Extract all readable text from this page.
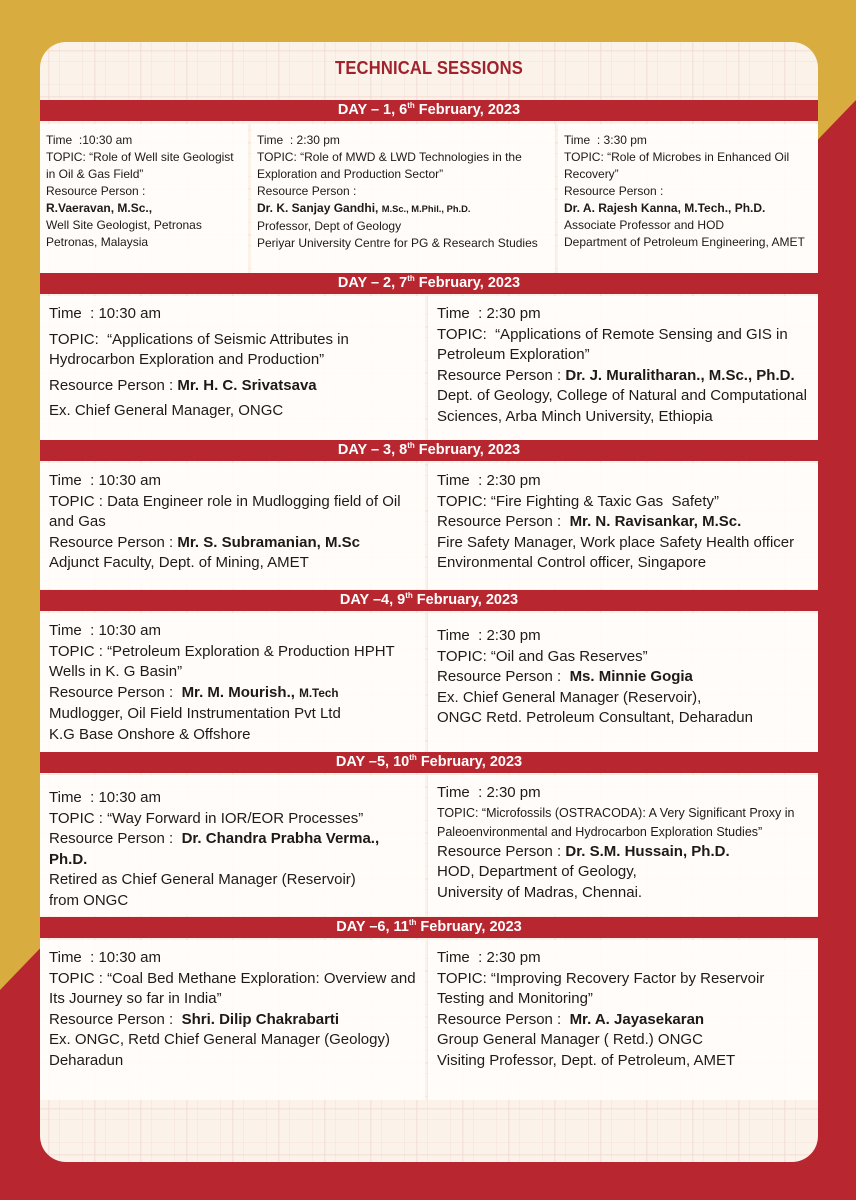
TECHNICAL SESSIONS
DAY – 1, 6th February, 2023
Time  :10:30 am
TOPIC: “Role of Well site Geologist in Oil & Gas Field”
Resource Person :
R.Vaeravan, M.Sc.,
Well Site Geologist, Petronas
Petronas, Malaysia
Time  : 2:30 pm
TOPIC: “Role of MWD & LWD Technologies in the Exploration and Production Sector”
Resource Person :
Dr. K. Sanjay Gandhi, M.Sc., M.Phil., Ph.D.
Professor, Dept of Geology
Periyar University Centre for PG & Research Studies
Time  : 3:30 pm
TOPIC: “Role of Microbes in Enhanced Oil Recovery”
Resource Person :
Dr. A. Rajesh Kanna, M.Tech., Ph.D.
Associate Professor and HOD
Department of Petroleum Engineering, AMET
DAY – 2, 7th February, 2023
Time  : 10:30 am
TOPIC:  “Applications of Seismic Attributes in Hydrocarbon Exploration and Production”
Resource Person : Mr. H. C. Srivatsava
Ex. Chief General Manager, ONGC
Time  : 2:30 pm
TOPIC:  “Applications of Remote Sensing and GIS in Petroleum Exploration”
Resource Person : Dr. J. Muralitharan., M.Sc., Ph.D.
Dept. of Geology, College of Natural and Computational Sciences, Arba Minch University, Ethiopia
DAY – 3, 8th February, 2023
Time  : 10:30 am
TOPIC : Data Engineer role in Mudlogging field of Oil and Gas
Resource Person : Mr. S. Subramanian, M.Sc
Adjunct Faculty, Dept. of Mining, AMET
Time  : 2:30 pm
TOPIC: “Fire Fighting & Taxic Gas  Safety”
Resource Person :  Mr. N. Ravisankar, M.Sc.
Fire Safety Manager, Work place Safety Health officer
Environmental Control officer, Singapore
DAY –4, 9th February, 2023
Time  : 10:30 am
TOPIC : “Petroleum Exploration & Production HPHT Wells in K. G Basin”
Resource Person :  Mr. M. Mourish., M.Tech
Mudlogger, Oil Field Instrumentation Pvt Ltd
K.G Base Onshore & Offshore
Time  : 2:30 pm
TOPIC: “Oil and Gas Reserves”
Resource Person :  Ms. Minnie Gogia
Ex. Chief General Manager (Reservoir),
ONGC Retd. Petroleum Consultant, Deharadun
DAY –5, 10th February, 2023
Time  : 10:30 am
TOPIC : “Way Forward in IOR/EOR Processes”
Resource Person :  Dr. Chandra Prabha Verma., Ph.D.
Retired as Chief General Manager (Reservoir)
from ONGC
Time  : 2:30 pm
TOPIC: “Microfossils (OSTRACODA): A Very Significant Proxy in Paleoenvironmental and Hydrocarbon Exploration Studies”
Resource Person : Dr. S.M. Hussain, Ph.D.
HOD, Department of Geology,
University of Madras, Chennai.
DAY –6, 11th February, 2023
Time  : 10:30 am
TOPIC : “Coal Bed Methane Exploration: Overview and Its Journey so far in India”
Resource Person :  Shri. Dilip Chakrabarti
Ex. ONGC, Retd Chief General Manager (Geology)
Deharadun
Time  : 2:30 pm
TOPIC: “Improving Recovery Factor by Reservoir Testing and Monitoring”
Resource Person :  Mr. A. Jayasekaran
Group General Manager ( Retd.) ONGC
Visiting Professor, Dept. of Petroleum, AMET
